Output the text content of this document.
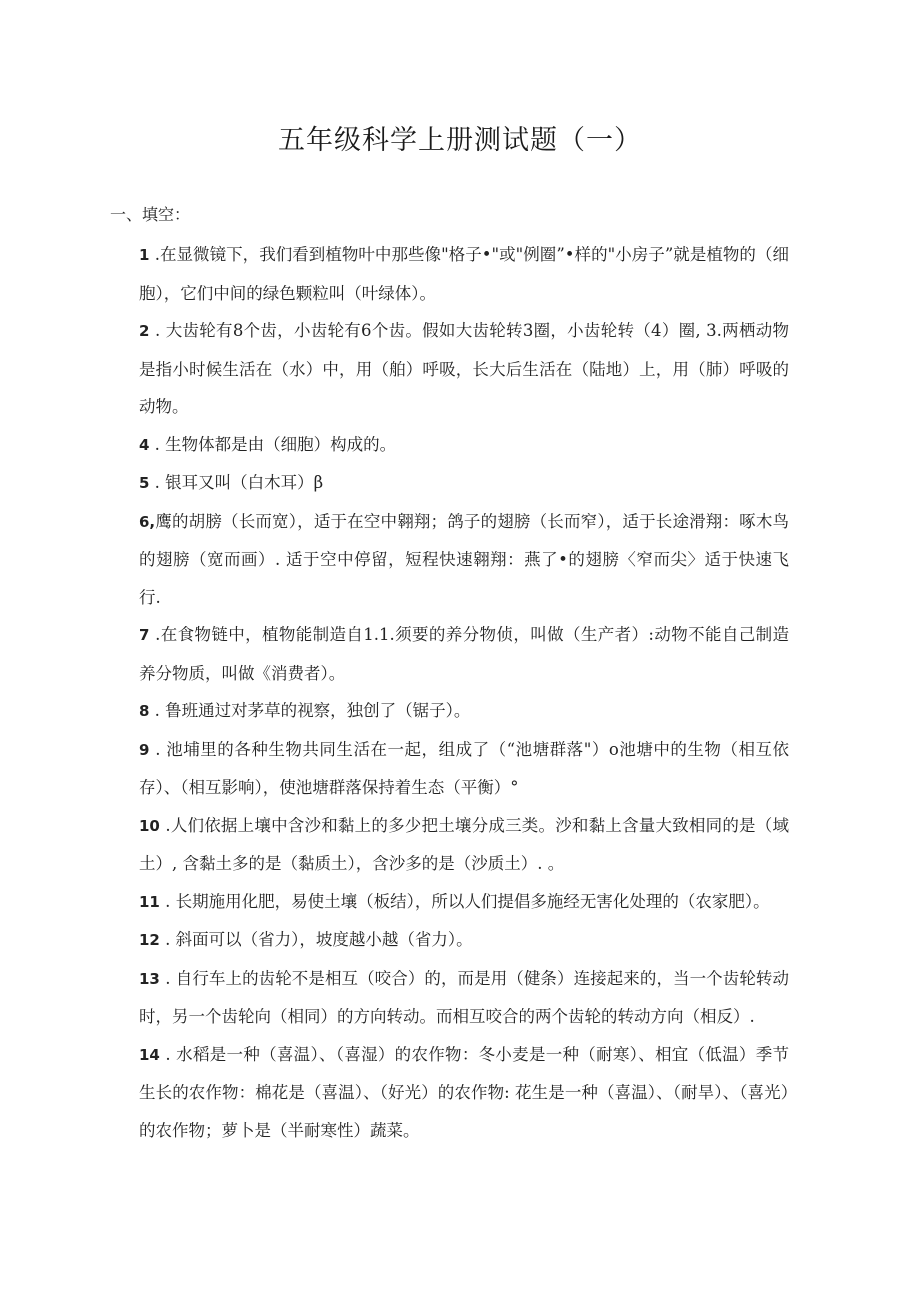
五年级科学上册测试题（一）
一、填空：

1 .在显微镜下，我们看到植物叶中那些像"格子•"或"例圈”•样的"小房子”就是植物的（细胞），它们中间的绿色颗粒叫（叶绿体）。

2 . 大齿轮有8个齿，小齿轮有6个齿。假如大齿轮转3圈，小齿轮转（4）圈, 3.两栖动物是指小时候生活在（水）中，用（舶）呼吸，长大后生活在（陆地）上，用（肺）呼吸的动物。

4 . 生物体都是由（细胞）构成的。

5 . 银耳又叫（白木耳）β

6,鹰的胡膀（长而宽），适于在空中翱翔；鸽子的翅膀（长而窄），适于长途滑翔：啄木鸟的翅膀（宽而画）. 适于空中停留，短程快速翱翔：燕了•的翅膀〈窄而尖〉适于快速飞行.

7 .在食物链中，植物能制造自1.1.须要的养分物侦，叫做（生产者）:动物不能自己制造养分物质，叫做《消费者）。

8 . 鲁班通过对茅草的视察，独创了（锯子）。

9 . 池埔里的各种生物共同生活在一起，组成了（“池塘群落"）o池塘中的生物（相互依存）、（相互影响），使池塘群落保持着生态（平衡）°

10 .人们依据上壤中含沙和黏上的多少把土壤分成三类。沙和黏上含量大致相同的是（域土）, 含黏土多的是（黏质土），含沙多的是（沙质土）. 。

11 . 长期施用化肥，易使土壤（板结），所以人们提倡多施经无害化处理的（农家肥）。

12 . 斜面可以（省力），坡度越小越（省力）。

13 . 自行车上的齿轮不是相互（咬合）的，而是用（健条）连接起来的，当一个齿轮转动时，另一个齿轮向（相同）的方向转动。而相互咬合的两个齿轮的转动方向（相反）.

14 . 水稻是一种（喜温）、（喜湿）的农作物：冬小麦是一种（耐寒）、相宜（低温）季节生长的农作物：棉花是（喜温）、（好光）的农作物: 花生是一种（喜温）、（耐旱）、（喜光）的农作物；萝卜是（半耐寒性）蔬菜。
